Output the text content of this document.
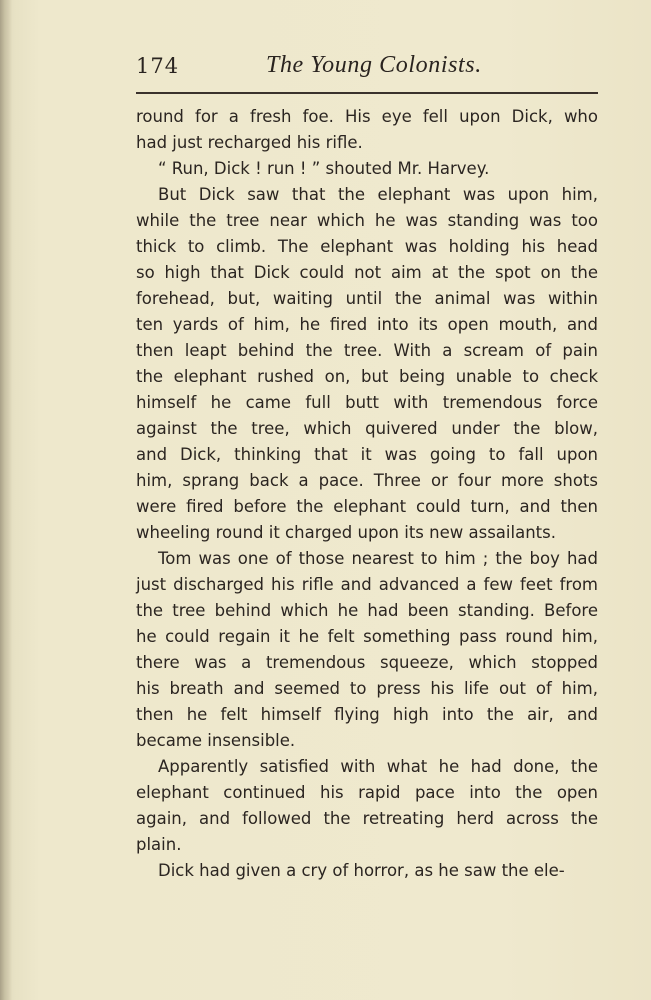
174	The Young Colonists.
round for a fresh foe. His eye fell upon Dick, who
had just recharged his rifle.
“ Run, Dick ! run ! ” shouted Mr. Harvey.
But Dick saw that the elephant was upon him,
while the tree near which he was standing was too
thick to climb. The elephant was holding his head
so high that Dick could not aim at the spot on the
forehead, but, waiting until the animal was within
ten yards of him, he fired into its open mouth, and
then leapt behind the tree. With a scream of pain
the elephant rushed on, but being unable to check
himself he came full butt with tremendous force
against the tree, which quivered under the blow,
and Dick, thinking that it was going to fall upon
him, sprang back a pace. Three or four more shots
were fired before the elephant could turn, and then
wheeling round it charged upon its new assailants.
Tom was one of those nearest to him ; the boy had
just discharged his rifle and advanced a few feet from
the tree behind which he had been standing. Before
he could regain it he felt something pass round him,
there was a tremendous squeeze, which stopped
his breath and seemed to press his life out of him,
then he felt himself flying high into the air, and
became insensible.
Apparently satisfied with what he had done, the
elephant continued his rapid pace into the open
again, and followed the retreating herd across the
plain.
Dick had given a cry of horror, as he saw the ele-
